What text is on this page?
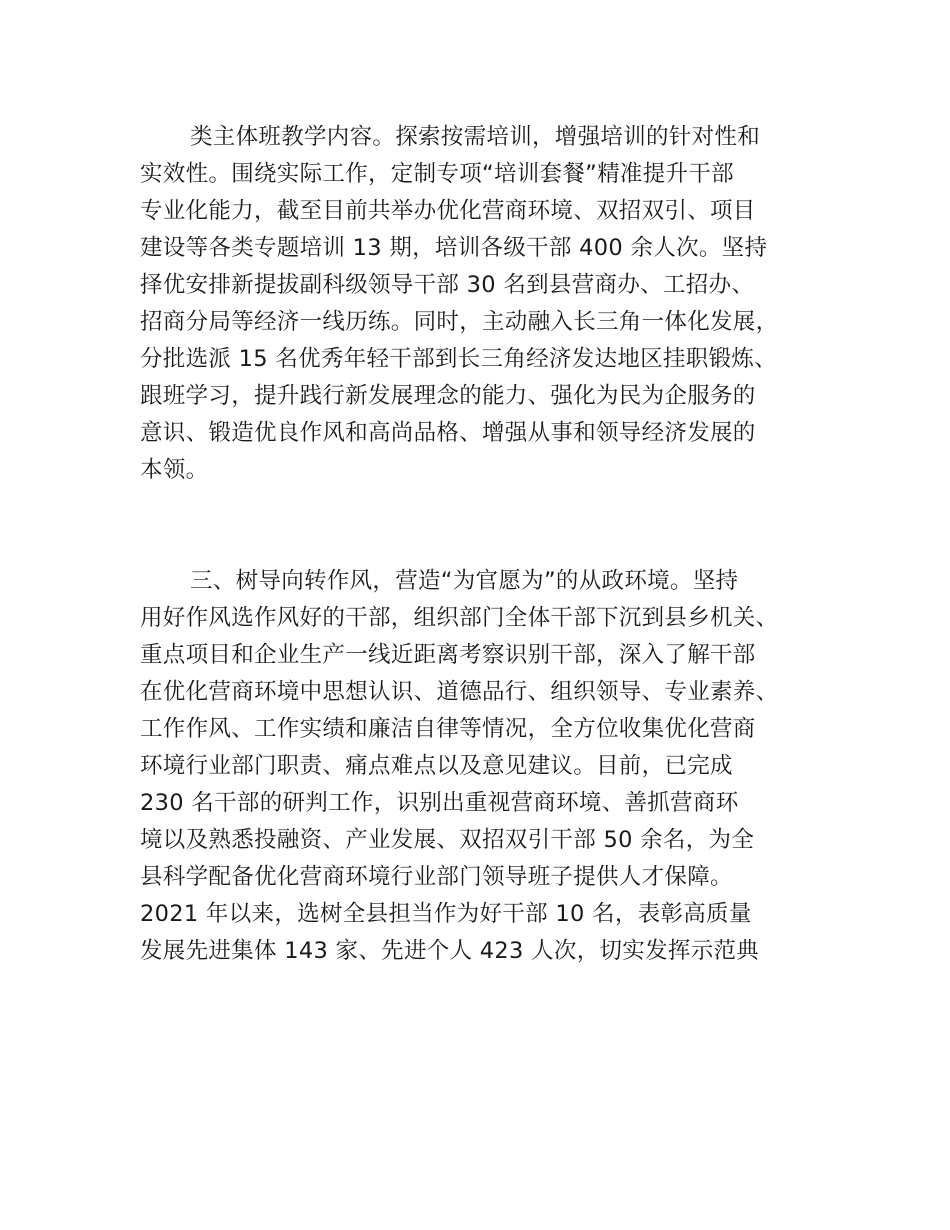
类主体班教学内容。探索按需培训，增强培训的针对性和
实效性。围绕实际工作，定制专项“培训套餐”精准提升干部
专业化能力，截至目前共举办优化营商环境、双招双引、项目
建设等各类专题培训 13 期，培训各级干部 400 余人次。坚持
择优安排新提拔副科级领导干部 30 名到县营商办、工招办、
招商分局等经济一线历练。同时，主动融入长三角一体化发展，
分批选派 15 名优秀年轻干部到长三角经济发达地区挂职锻炼、
跟班学习，提升践行新发展理念的能力、强化为民为企服务的
意识、锻造优良作风和高尚品格、增强从事和领导经济发展的
本领。
三、树导向转作风，营造“为官愿为”的从政环境。坚持
用好作风选作风好的干部，组织部门全体干部下沉到县乡机关、
重点项目和企业生产一线近距离考察识别干部，深入了解干部
在优化营商环境中思想认识、道德品行、组织领导、专业素养、
工作作风、工作实绩和廉洁自律等情况，全方位收集优化营商
环境行业部门职责、痛点难点以及意见建议。目前，已完成
230 名干部的研判工作，识别出重视营商环境、善抓营商环
境以及熟悉投融资、产业发展、双招双引干部 50 余名，为全
县科学配备优化营商环境行业部门领导班子提供人才保障。
2021 年以来，选树全县担当作为好干部 10 名，表彰高质量
发展先进集体 143 家、先进个人 423 人次，切实发挥示范典
